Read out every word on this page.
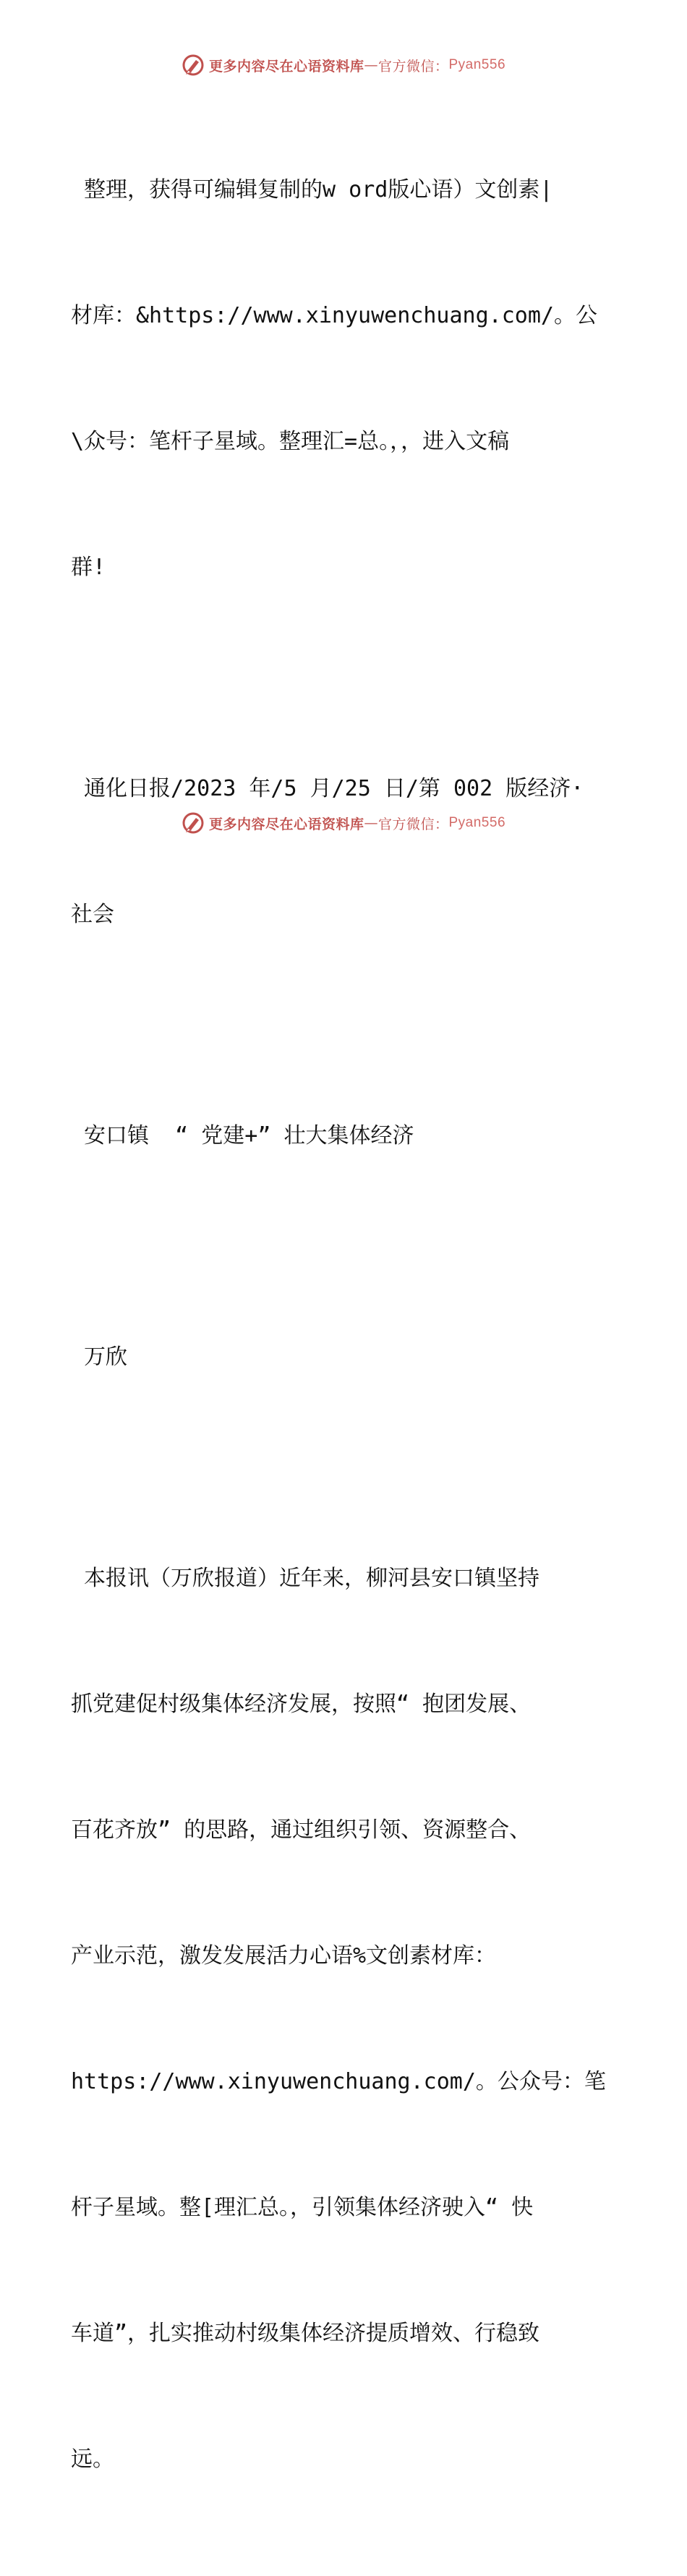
更多内容尽在心语资料库 — 官方微信： Pyan556

整理，获得可编辑复制的w ord版心语）文创素|

材库：&https://www.xinyuwenchuang.com/。公

\众号：笔杆子星域。整理汇=总。，，进入文稿

群!

通化日报/2023 年/5 月/25 日/第 002 版经济·

社会

安口镇  “ 党建+” 壮大集体经济

万欣

本报讯（万欣报道）近年来，柳河县安口镇坚持

抓党建促村级集体经济发展，按照“ 抱团发展、

百花齐放” 的思路，通过组织引领、资源整合、

产业示范，激发发展活力心语%文创素材库：

https://www.xinyuwenchuang.com/。公众号：笔

杆子星域。整[理汇总。，引领集体经济驶入“ 快

车道”，扎实推动村级集体经济提质增效、行稳致

远。

更多内容尽在心语资料库 — 官方微信： Pyan556
